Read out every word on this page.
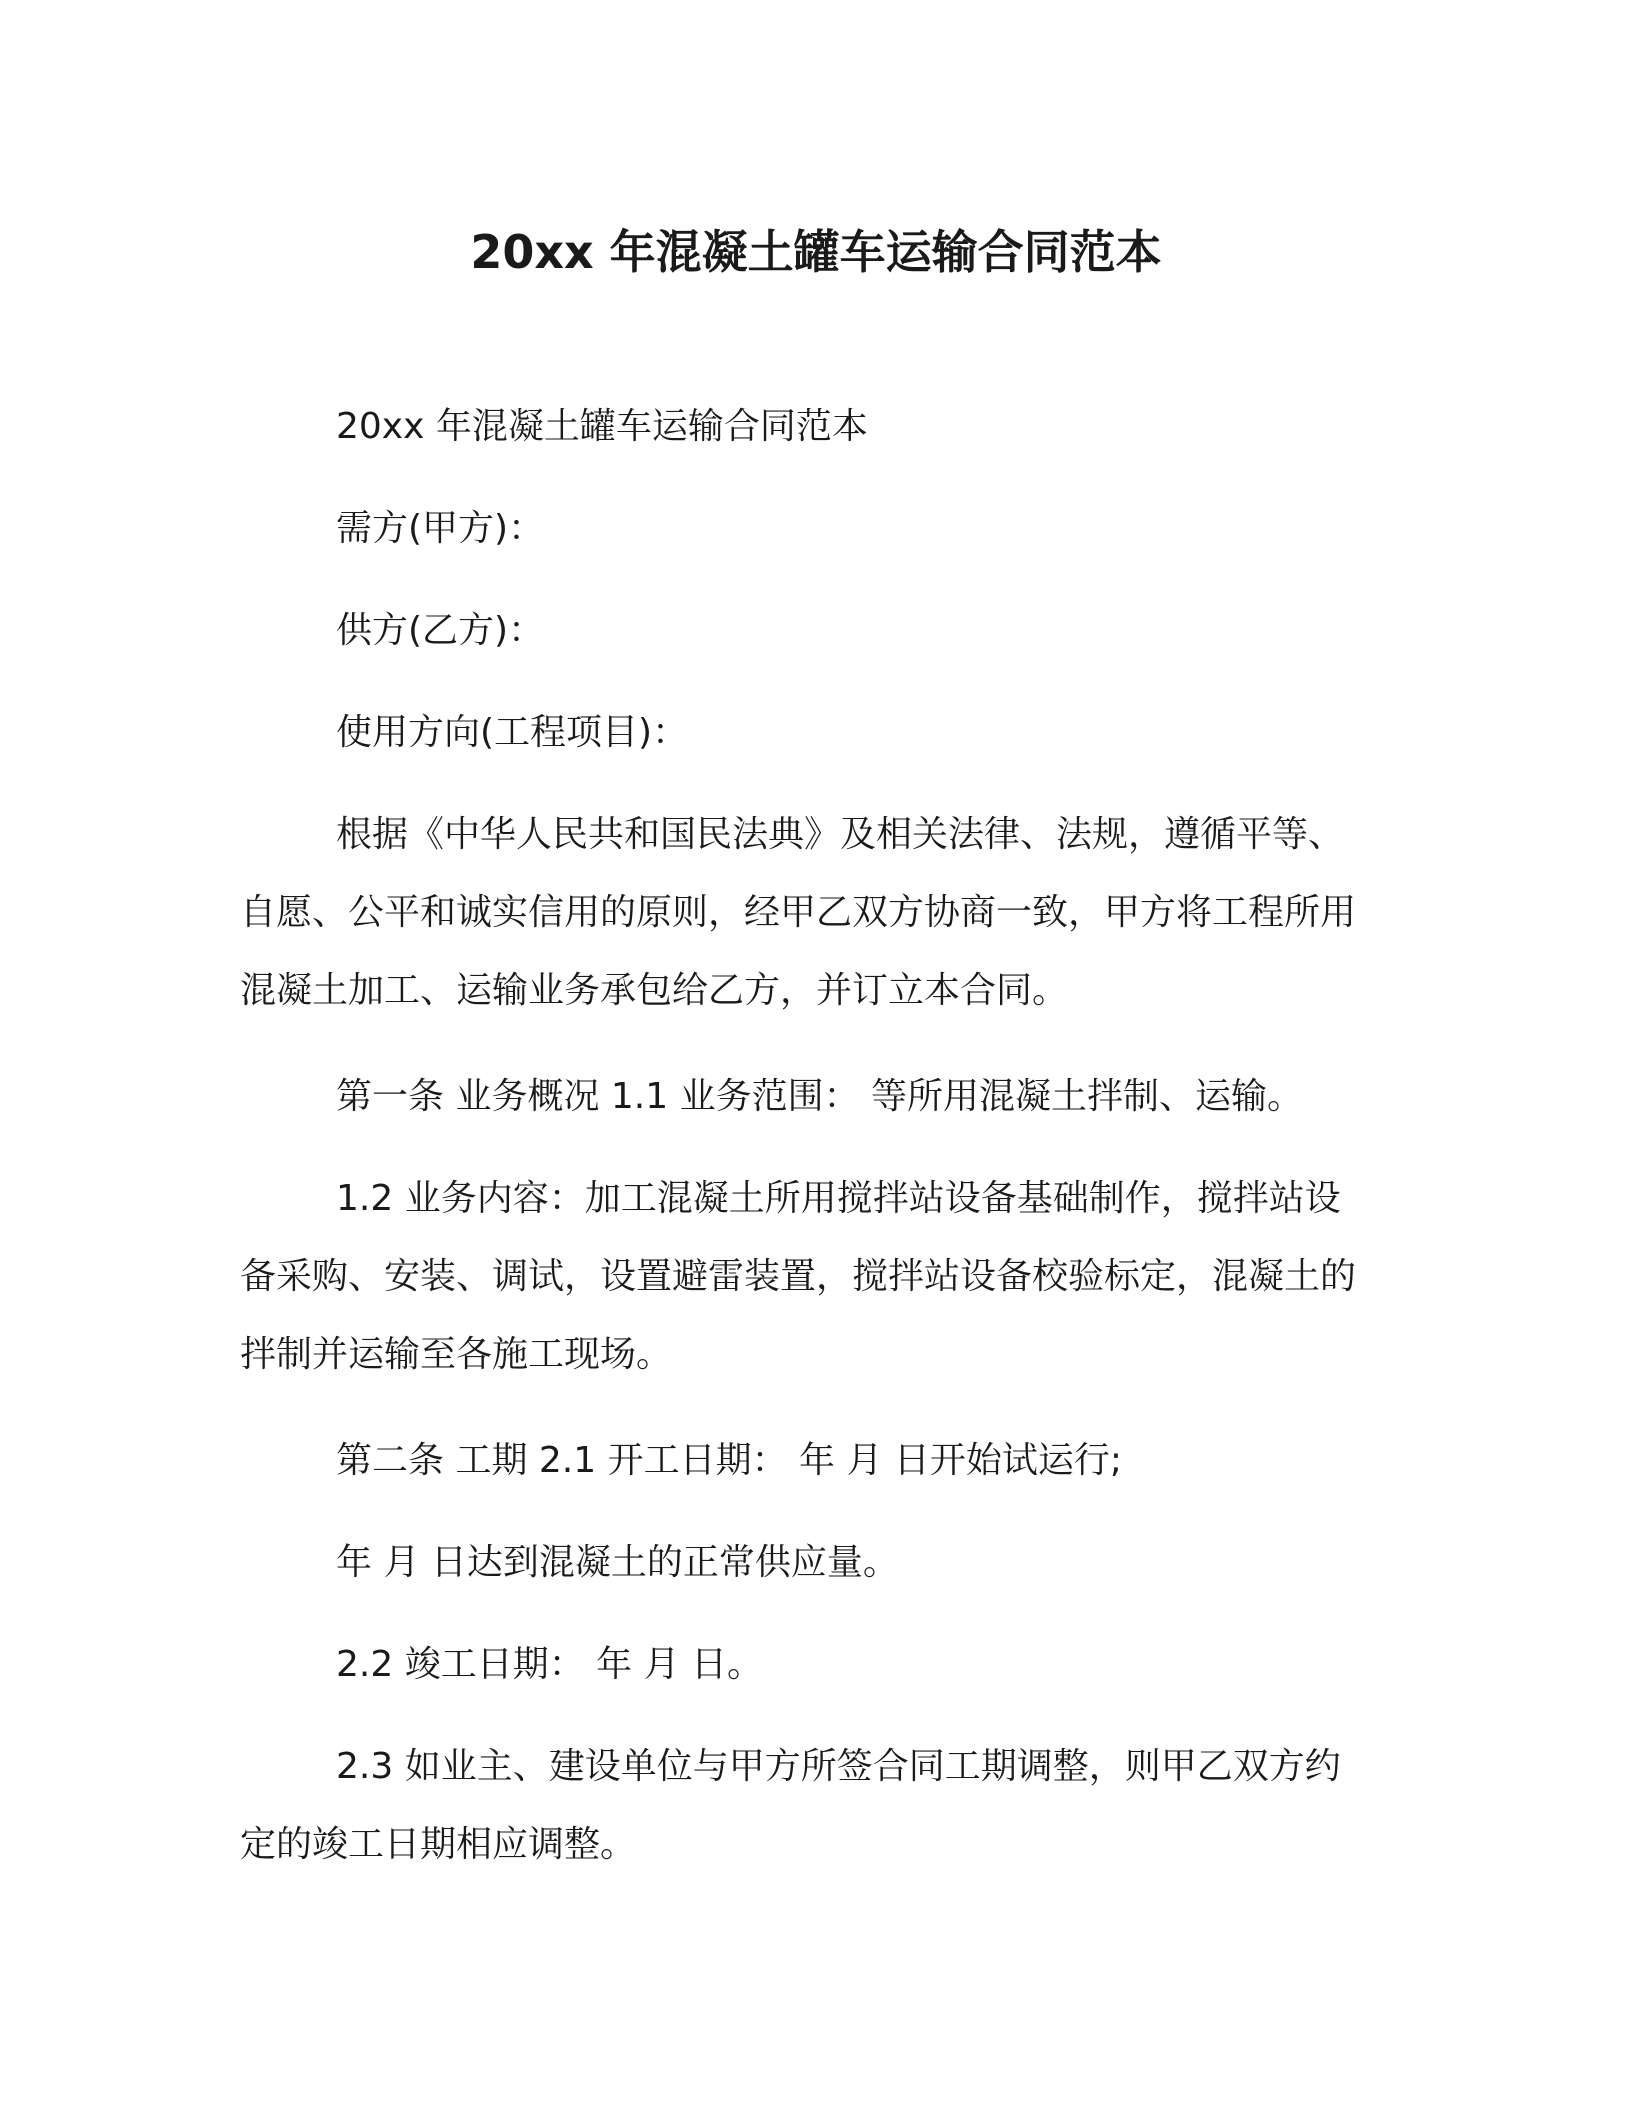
20xx 年混凝土罐车运输合同范本

20xx 年混凝土罐车运输合同范本

需方(甲方)：

供方(乙方)：

使用方向(工程项目)：

根据《中华人民共和国民法典》及相关法律、法规，遵循平等、自愿、公平和诚实信用的原则，经甲乙双方协商一致，甲方将工程所用混凝土加工、运输业务承包给乙方，并订立本合同。

第一条 业务概况 1.1 业务范围： 等所用混凝土拌制、运输。

1.2 业务内容：加工混凝土所用搅拌站设备基础制作，搅拌站设备采购、安装、调试，设置避雷装置，搅拌站设备校验标定，混凝土的拌制并运输至各施工现场。

第二条 工期 2.1 开工日期： 年 月 日开始试运行;

年 月 日达到混凝土的正常供应量。

2.2 竣工日期： 年 月 日。

2.3 如业主、建设单位与甲方所签合同工期调整，则甲乙双方约定的竣工日期相应调整。
